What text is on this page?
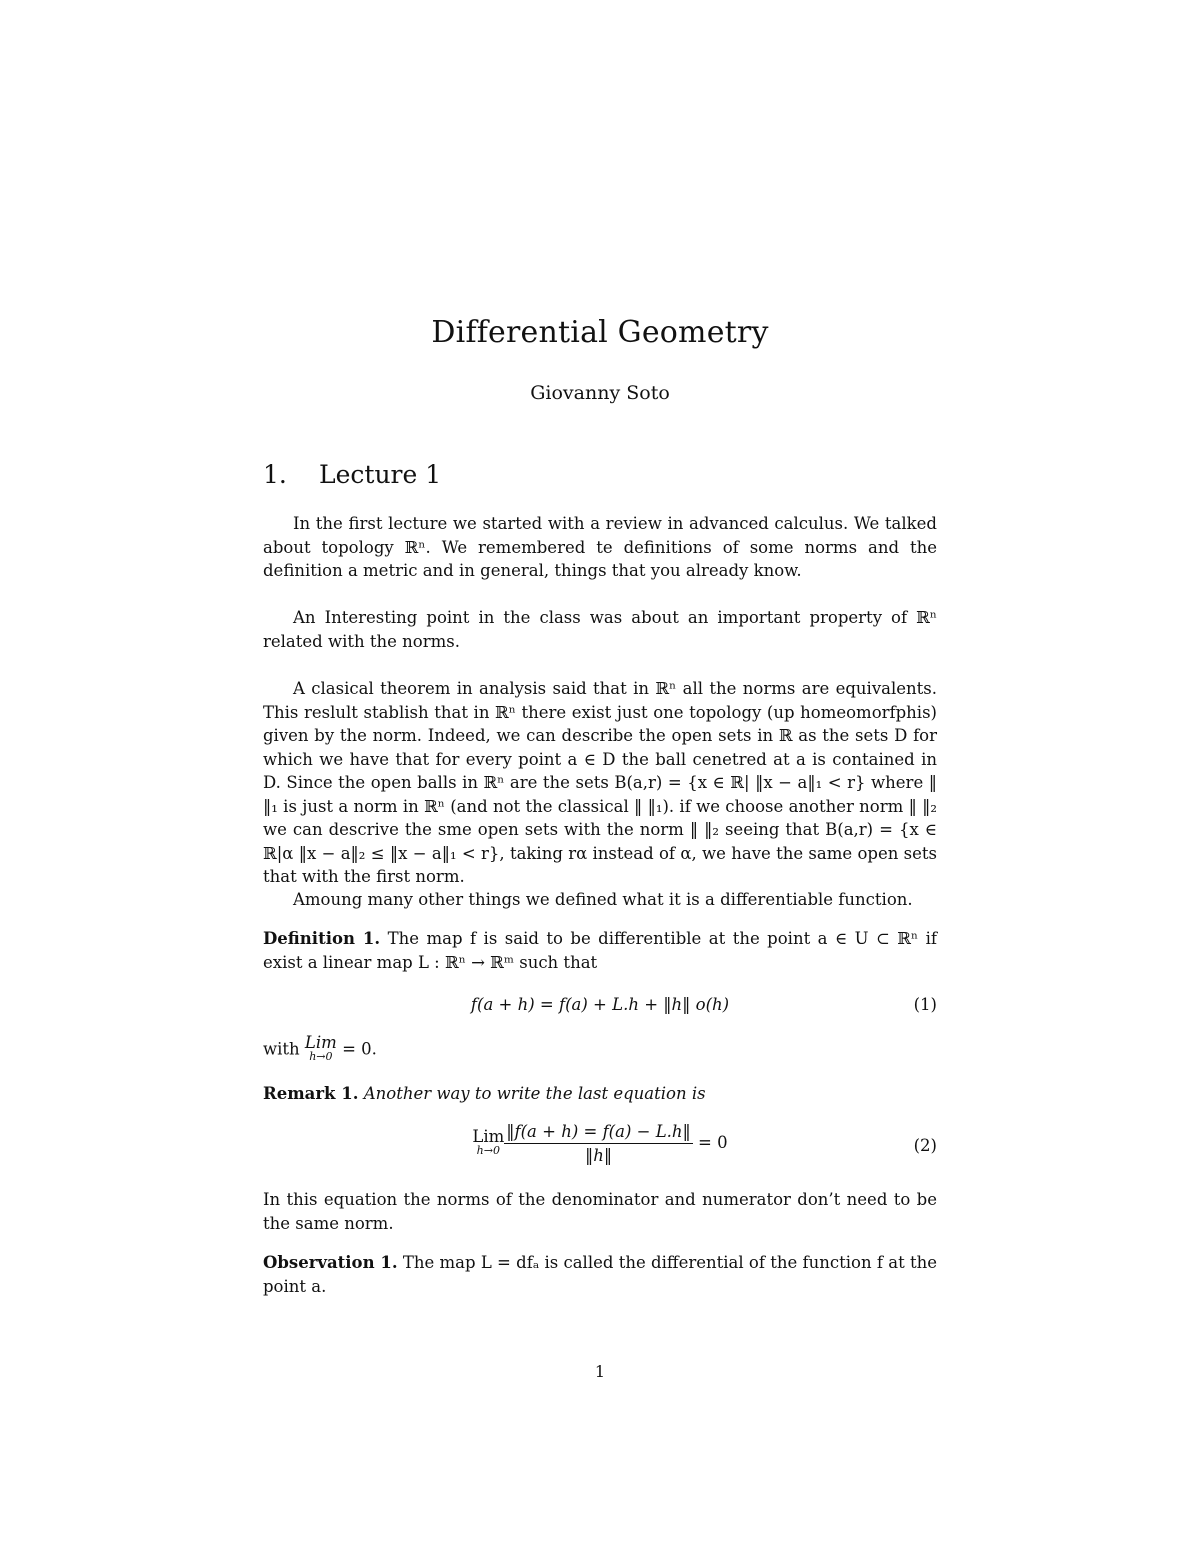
Differential Geometry
Giovanny Soto
1. Lecture 1

In the first lecture we started with a review in advanced calculus. We talked about topology ℝⁿ. We remembered te definitions of some norms and the definition a metric and in general, things that you already know.

An Interesting point in the class was about an important property of ℝⁿ related with the norms.

A clasical theorem in analysis said that in ℝⁿ all the norms are equivalents. This reslult stablish that in ℝⁿ there exist just one topology (up homeomorfphis) given by the norm. Indeed, we can describe the open sets in ℝ as the sets D for which we have that for every point a ∈ D the ball cenetred at a is contained in D. Since the open balls in ℝⁿ are the sets B(a,r) = {x ∈ ℝ| ‖x − a‖₁ < r} where ‖ ‖₁ is just a norm in ℝⁿ (and not the classical ‖ ‖₁). if we choose another norm ‖ ‖₂ we can descrive the sme open sets with the norm ‖ ‖₂ seeing that B(a,r) = {x ∈ ℝ|α ‖x − a‖₂ ≤ ‖x − a‖₁ < r}, taking rα instead of α, we have the same open sets that with the first norm.

Amoung many other things we defined what it is a differentiable function.

Definition 1. The map f is said to be differentible at the point a ∈ U ⊂ ℝⁿ if exist a linear map L : ℝⁿ → ℝᵐ such that

f(a + h) = f(a) + L.h + ‖h‖ o(h)	(1)
with Lim
h→0 = 0.

Remark 1. Another way to write the last equation is

Lim
$h\to 0 \frac{‖f(a + h) = f(a) - L.h‖}{‖h‖} = 0$	(2)

In this equation the norms of the denominator and numerator don’t need to be the same norm.

Observation 1. The map L = dfₐ is called the differential of the function f at the point a.

1
